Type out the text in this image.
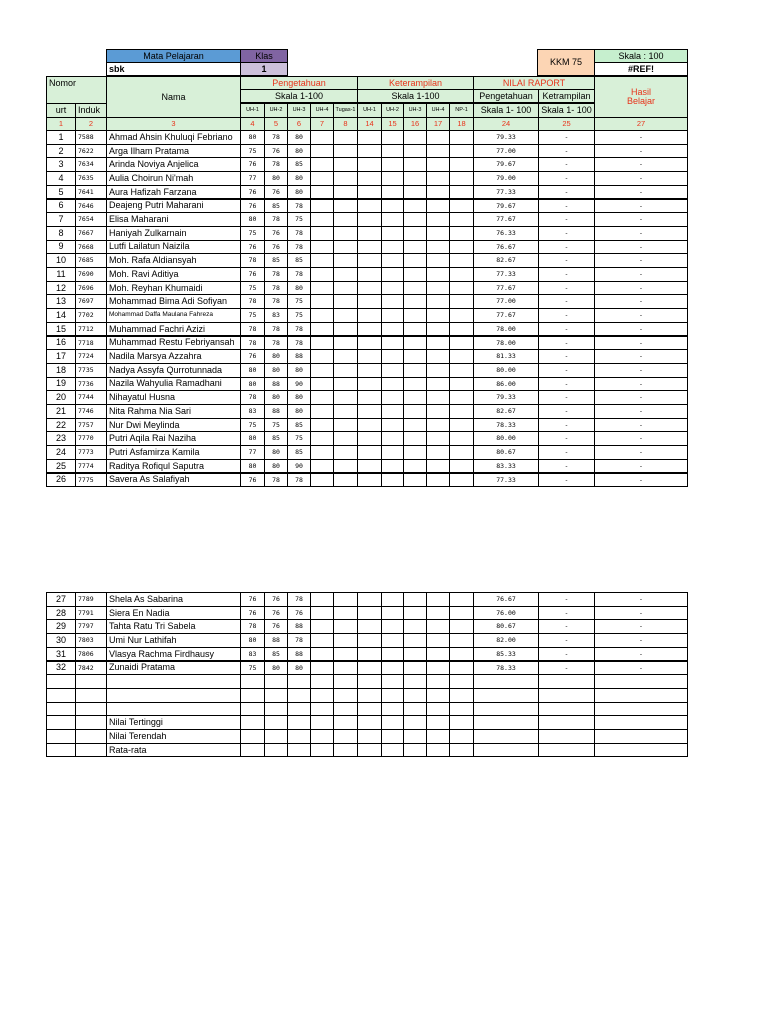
Mata Pelajaran	Klas
sbk	1
KKM 75
Skala : 100
#REF!
Nomor
urt	Induk
Nama
Pengetahuan
Skala 1-100
Keterampilan
Skala 1-100
NILAI RAPORT
Pengetahuan	Ketrampilan
Skala 1- 100	Skala 1- 100
Hasil
Belajar
UH-1	UH-2	UH-3	UH-4	Tugas-1	UH-1	UH-2	UH-3	UH-4	NP-1
1	2	3	4	5	6	7	8	14	15	16	17	18	24	25	27
1	7588	Ahmad Ahsin Khuluqi Febriano	80	78	80	79.33	-	-
2	7622	Arga Ilham Pratama	75	76	80	77.00	-	-
3	7634	Arinda Noviya Anjelica	76	78	85	79.67	-	-
4	7635	Aulia Choirun Ni'mah	77	80	80	79.00	-	-
5	7641	Aura Hafizah Farzana	76	76	80	77.33	-	-
6	7646	Deajeng Putri Maharani	76	85	78	79.67	-	-
7	7654	Elisa Maharani	80	78	75	77.67	-	-
8	7667	Haniyah Zulkarnain	75	76	78	76.33	-	-
9	7668	Lutfi Lailatun Naizila	76	76	78	76.67	-	-
10	7685	Moh. Rafa Aldiansyah	78	85	85	82.67	-	-
11	7690	Moh. Ravi Aditiya	76	78	78	77.33	-	-
12	7696	Moh. Reyhan Khumaidi	75	78	80	77.67	-	-
13	7697	Mohammad Bima Adi Sofiyan	78	78	75	77.00	-	-
14	7702	Mohammad Daffa Maulana Fahreza	75	83	75	77.67	-	-
15	7712	Muhammad Fachri Azizi	78	78	78	78.00	-	-
16	7718	Muhammad Restu Febriyansah	78	78	78	78.00	-	-
17	7724	Nadila Marsya Azzahra	76	80	88	81.33	-	-
18	7735	Nadya Assyfa Qurrotunnada	80	80	80	80.00	-	-
19	7736	Nazila Wahyulia Ramadhani	80	88	90	86.00	-	-
20	7744	Nihayatul Husna	78	80	80	79.33	-	-
21	7746	Nita Rahma Nia Sari	83	88	80	82.67	-	-
22	7757	Nur Dwi Meylinda	75	75	85	78.33	-	-
23	7770	Putri Aqila Rai Naziha	80	85	75	80.00	-	-
24	7773	Putri Asfamirza Kamila	77	80	85	80.67	-	-
25	7774	Raditya Rofiqul Saputra	80	80	90	83.33	-	-
26	7775	Savera As Salafiyah	76	78	78	77.33	-	-
27	7789	Shela As Sabarina	76	76	78	76.67	-	-
28	7791	Siera En Nadia	76	76	76	76.00	-	-
29	7797	Tahta Ratu Tri Sabela	78	76	88	80.67	-	-
30	7803	Umi Nur Lathifah	80	88	78	82.00	-	-
31	7806	Vlasya Rachma Firdhausy	83	85	88	85.33	-	-
32	7842	Zunaidi Pratama	75	80	80	78.33	-	-
Nilai Tertinggi
Nilai Terendah
Rata-rata
